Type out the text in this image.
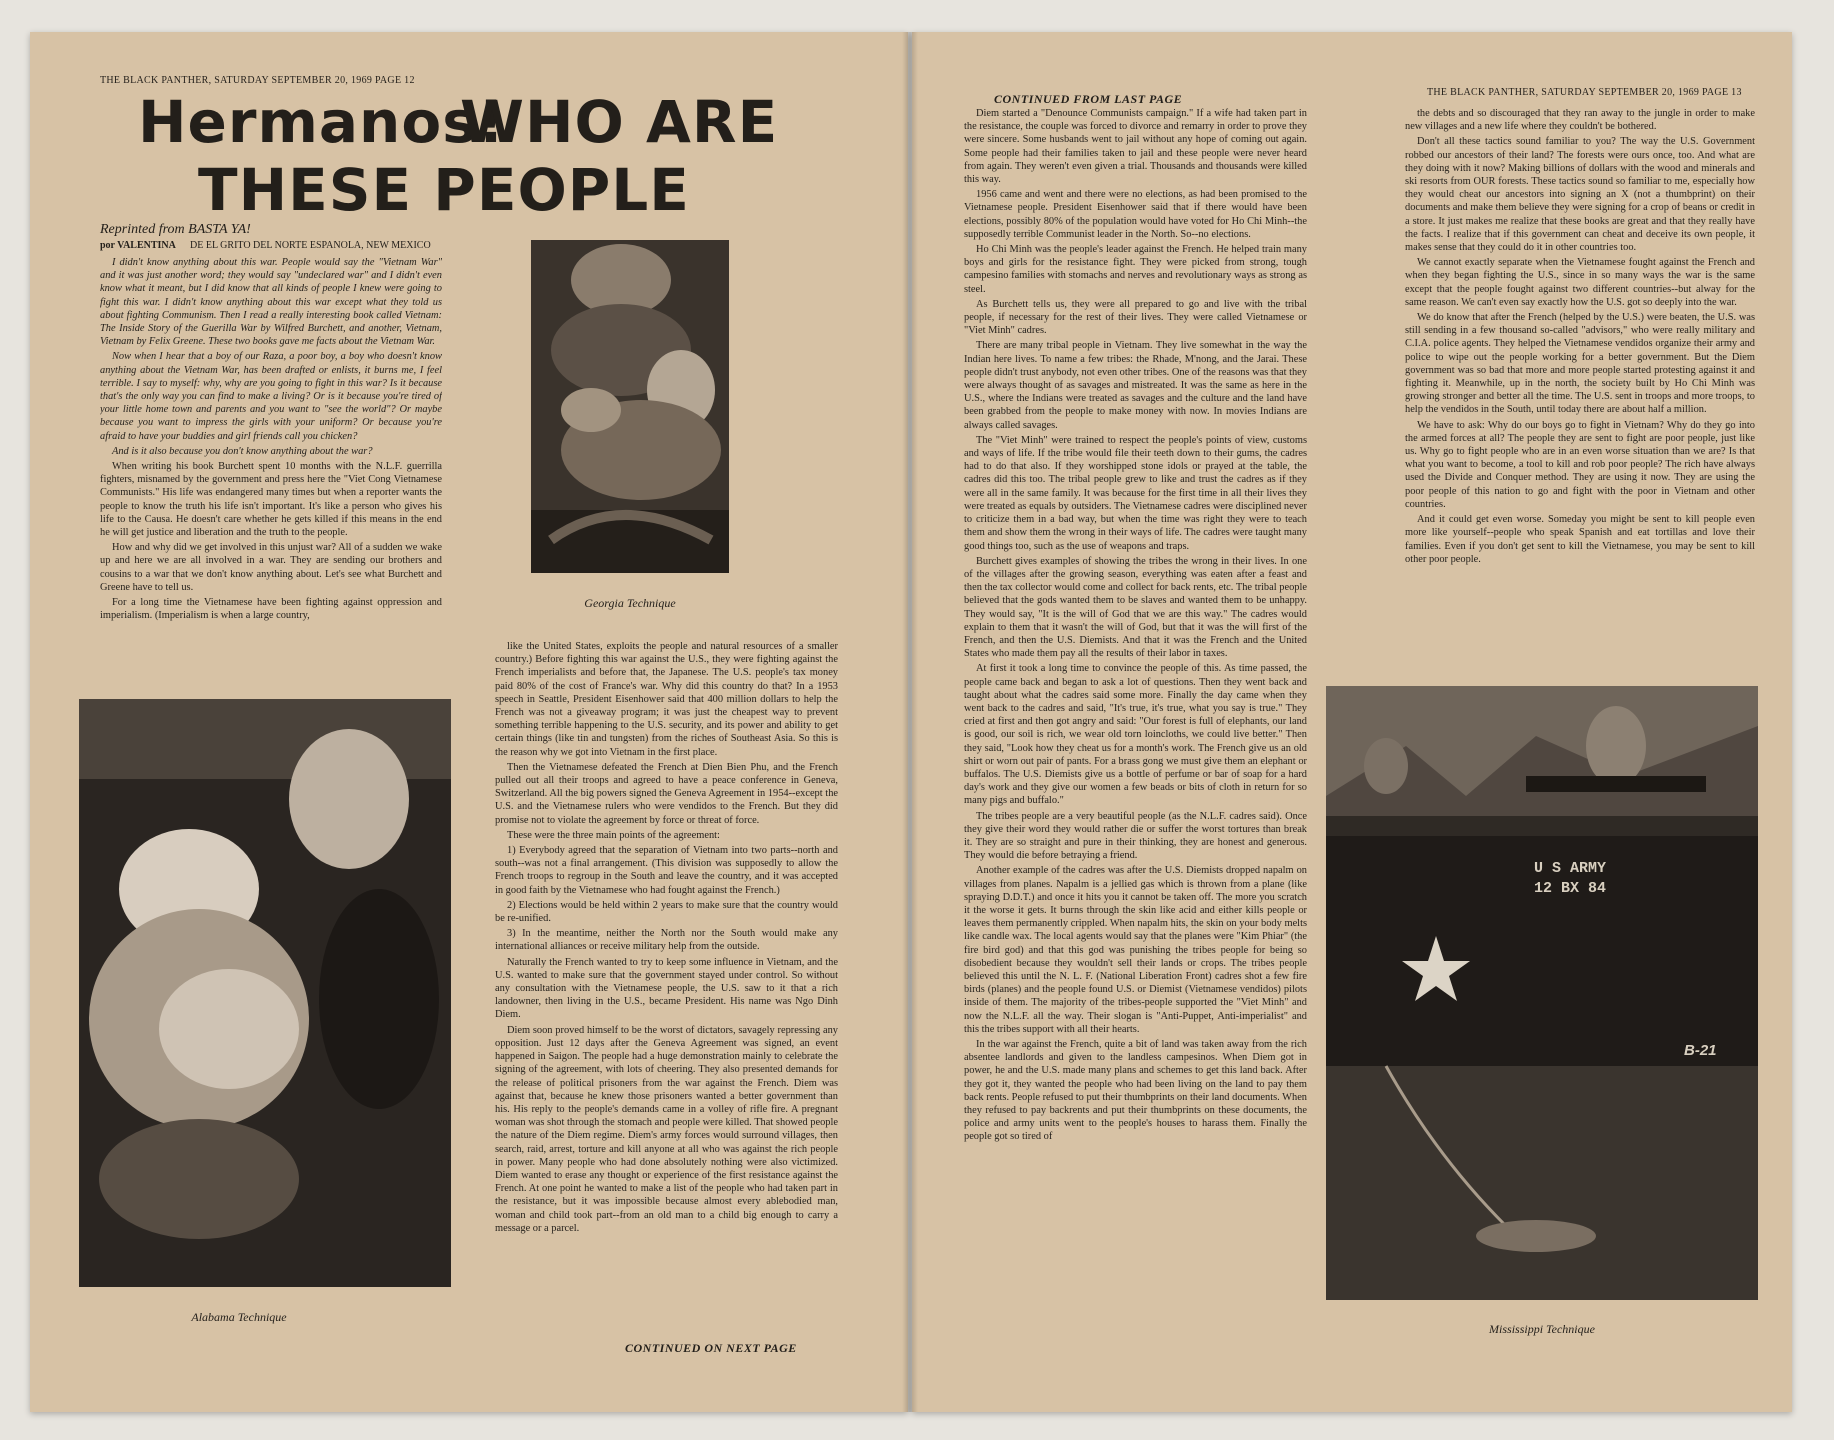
THE BLACK PANTHER, SATURDAY SEPTEMBER 20, 1969 PAGE 12
Hermanos!
WHO ARE
THESE PEOPLE
Reprinted from BASTA YA!
por VALENTINA DE EL GRITO DEL NORTE ESPANOLA, NEW MEXICO

I didn't know anything about this war. People would say the "Vietnam War" and it was just another word; they would say "undeclared war" and I didn't even know what it meant, but I did know that all kinds of people I knew were going to fight this war. I didn't know anything about this war except what they told us about fighting Communism. Then I read a really interesting book called Vietnam: The Inside Story of the Guerilla War by Wilfred Burchett, and another, Vietnam, Vietnam by Felix Greene. These two books gave me facts about the Vietnam War.

Now when I hear that a boy of our Raza, a poor boy, a boy who doesn't know anything about the Vietnam War, has been drafted or enlists, it burns me, I feel terrible. I say to myself: why, why are you going to fight in this war? Is it because that's the only way you can find to make a living? Or is it because you're tired of your little home town and parents and you want to "see the world"? Or maybe because you want to impress the girls with your uniform? Or because you're afraid to have your buddies and girl friends call you chicken?

And is it also because you don't know anything about the war?

When writing his book Burchett spent 10 months with the N.L.F. guerrilla fighters, misnamed by the government and press here the "Viet Cong Vietnamese Communists." His life was endangered many times but when a reporter wants the people to know the truth his life isn't important. It's like a person who gives his life to the Causa. He doesn't care whether he gets killed if this means in the end he will get justice and liberation and the truth to the people.

How and why did we get involved in this unjust war? All of a sudden we wake up and here we are all involved in a war. They are sending our brothers and cousins to a war that we don't know anything about. Let's see what Burchett and Greene have to tell us.

For a long time the Vietnamese have been fighting against oppression and imperialism. (Imperialism is when a large country,

Georgia Technique
Alabama Technique

like the United States, exploits the people and natural resources of a smaller country.) Before fighting this war against the U.S., they were fighting against the French imperialists and before that, the Japanese. The U.S. people's tax money paid 80% of the cost of France's war. Why did this country do that? In a 1953 speech in Seattle, President Eisenhower said that 400 million dollars to help the French was not a giveaway program; it was just the cheapest way to prevent something terrible happening to the U.S. security, and its power and ability to get certain things (like tin and tungsten) from the riches of Southeast Asia. So this is the reason why we got into Vietnam in the first place.

Then the Vietnamese defeated the French at Dien Bien Phu, and the French pulled out all their troops and agreed to have a peace conference in Geneva, Switzerland. All the big powers signed the Geneva Agreement in 1954--except the U.S. and the Vietnamese rulers who were vendidos to the French. But they did promise not to violate the agreement by force or threat of force.

These were the three main points of the agreement:

1) Everybody agreed that the separation of Vietnam into two parts--north and south--was not a final arrangement. (This division was supposedly to allow the French troops to regroup in the South and leave the country, and it was accepted in good faith by the Vietnamese who had fought against the French.)

2) Elections would be held within 2 years to make sure that the country would be re-unified.

3) In the meantime, neither the North nor the South would make any international alliances or receive military help from the outside.

Naturally the French wanted to try to keep some influence in Vietnam, and the U.S. wanted to make sure that the government stayed under control. So without any consultation with the Vietnamese people, the U.S. saw to it that a rich landowner, then living in the U.S., became President. His name was Ngo Dinh Diem.

Diem soon proved himself to be the worst of dictators, savagely repressing any opposition. Just 12 days after the Geneva Agreement was signed, an event happened in Saigon. The people had a huge demonstration mainly to celebrate the signing of the agreement, with lots of cheering. They also presented demands for the release of political prisoners from the war against the French. Diem was against that, because he knew those prisoners wanted a better government than his. His reply to the people's demands came in a volley of rifle fire. A pregnant woman was shot through the stomach and people were killed. That showed people the nature of the Diem regime. Diem's army forces would surround villages, then search, raid, arrest, torture and kill anyone at all who was against the rich people in power. Many people who had done absolutely nothing were also victimized. Diem wanted to erase any thought or experience of the first resistance against the French. At one point he wanted to make a list of the people who had taken part in the resistance, but it was impossible because almost every ablebodied man, woman and child took part--from an old man to a child big enough to carry a message or a parcel.

CONTINUED ON NEXT PAGE
CONTINUED FROM LAST PAGE	THE BLACK PANTHER, SATURDAY SEPTEMBER 20, 1969 PAGE 13

Diem started a "Denounce Communists campaign." If a wife had taken part in the resistance, the couple was forced to divorce and remarry in order to prove they were sincere. Some husbands went to jail without any hope of coming out again. Some people had their families taken to jail and these people were never heard from again. They weren't even given a trial. Thousands and thousands were killed this way.

1956 came and went and there were no elections, as had been promised to the Vietnamese people. President Eisenhower said that if there would have been elections, possibly 80% of the population would have voted for Ho Chi Minh--the supposedly terrible Communist leader in the North. So--no elections.

Ho Chi Minh was the people's leader against the French. He helped train many boys and girls for the resistance fight. They were picked from strong, tough campesino families with stomachs and nerves and revolutionary ways as strong as steel.

As Burchett tells us, they were all prepared to go and live with the tribal people, if necessary for the rest of their lives. They were called Vietnamese or "Viet Minh" cadres.

There are many tribal people in Vietnam. They live somewhat in the way the Indian here lives. To name a few tribes: the Rhade, M'nong, and the Jarai. These people didn't trust anybody, not even other tribes. One of the reasons was that they were always thought of as savages and mistreated. It was the same as here in the U.S., where the Indians were treated as savages and the culture and the land have been grabbed from the people to make money with now. In movies Indians are always called savages.

The "Viet Minh" were trained to respect the people's points of view, customs and ways of life. If the tribe would file their teeth down to their gums, the cadres had to do that also. If they worshipped stone idols or prayed at the table, the cadres did this too. The tribal people grew to like and trust the cadres as if they were all in the same family. It was because for the first time in all their lives they were treated as equals by outsiders. The Vietnamese cadres were disciplined never to criticize them in a bad way, but when the time was right they were to teach them and show them the wrong in their ways of life. The cadres were taught many good things too, such as the use of weapons and traps.

Burchett gives examples of showing the tribes the wrong in their lives. In one of the villages after the growing season, everything was eaten after a feast and then the tax collector would come and collect for back rents, etc. The tribal people believed that the gods wanted them to be slaves and wanted them to be unhappy. They would say, "It is the will of God that we are this way." The cadres would explain to them that it wasn't the will of God, but that it was the will first of the French, and then the U.S. Diemists. And that it was the French and the United States who made them pay all the results of their labor in taxes.

At first it took a long time to convince the people of this. As time passed, the people came back and began to ask a lot of questions. Then they went back and taught about what the cadres said some more. Finally the day came when they went back to the cadres and said, "It's true, it's true, what you say is true." They cried at first and then got angry and said: "Our forest is full of elephants, our land is good, our soil is rich, we wear old torn loincloths, we could live better." Then they said, "Look how they cheat us for a month's work. The French give us an old shirt or worn out pair of pants. For a brass gong we must give them an elephant or buffalos. The U.S. Diemists give us a bottle of perfume or bar of soap for a hard day's work and they give our women a few beads or bits of cloth in return for so many pigs and buffalo."

The tribes people are a very beautiful people (as the N.L.F. cadres said). Once they give their word they would rather die or suffer the worst tortures than break it. They are so straight and pure in their thinking, they are honest and generous. They would die before betraying a friend.

Another example of the cadres was after the U.S. Diemists dropped napalm on villages from planes. Napalm is a jellied gas which is thrown from a plane (like spraying D.D.T.) and once it hits you it cannot be taken off. The more you scratch it the worse it gets. It burns through the skin like acid and either kills people or leaves them permanently crippled. When napalm hits, the skin on your body melts like candle wax. The local agents would say that the planes were "Kim Phiar" (the fire bird god) and that this god was punishing the tribes people for being so disobedient because they wouldn't sell their lands or crops. The tribes people believed this until the N. L. F. (National Liberation Front) cadres shot a few fire birds (planes) and the people found U.S. or Diemist (Vietnamese vendidos) pilots inside of them. The majority of the tribes-people supported the "Viet Minh" and now the N.L.F. all the way. Their slogan is "Anti-Puppet, Anti-imperialist" and this the tribes support with all their hearts.

In the war against the French, quite a bit of land was taken away from the rich absentee landlords and given to the landless campesinos. When Diem got in power, he and the U.S. made many plans and schemes to get this land back. After they got it, they wanted the people who had been living on the land to pay them back rents. People refused to put their thumbprints on their land documents. When they refused to pay backrents and put their thumbprints on these documents, the police and army units went to the people's houses to harass them. Finally the people got so tired of

the debts and so discouraged that they ran away to the jungle in order to make new villages and a new life where they couldn't be bothered.

Don't all these tactics sound familiar to you? The way the U.S. Government robbed our ancestors of their land? The forests were ours once, too. And what are they doing with it now? Making billions of dollars with the wood and minerals and ski resorts from OUR forests. These tactics sound so familiar to me, especially how they would cheat our ancestors into signing an X (not a thumbprint) on their documents and make them believe they were signing for a crop of beans or credit in a store. It just makes me realize that these books are great and that they really have the facts. I realize that if this government can cheat and deceive its own people, it makes sense that they could do it in other countries too.

We cannot exactly separate when the Vietnamese fought against the French and when they began fighting the U.S., since in so many ways the war is the same except that the people fought against two different countries--but alway for the same reason. We can't even say exactly how the U.S. got so deeply into the war.

We do know that after the French (helped by the U.S.) were beaten, the U.S. was still sending in a few thousand so-called "advisors," who were really military and C.I.A. police agents. They helped the Vietnamese vendidos organize their army and police to wipe out the people working for a better government. But the Diem government was so bad that more and more people started protesting against it and fighting it. Meanwhile, up in the north, the society built by Ho Chi Minh was growing stronger and better all the time. The U.S. sent in troops and more troops, to help the vendidos in the South, until today there are about half a million.

We have to ask: Why do our boys go to fight in Vietnam? Why do they go into the armed forces at all? The people they are sent to fight are poor people, just like us. Why go to fight people who are in an even worse situation than we are? Is that what you want to become, a tool to kill and rob poor people? The rich have always used the Divide and Conquer method. They are using it now. They are using the poor people of this nation to go and fight with the poor in Vietnam and other countries.

And it could get even worse. Someday you might be sent to kill people even more like yourself--people who speak Spanish and eat tortillas and love their families. Even if you don't get sent to kill the Vietnamese, you may be sent to kill other poor people.

U S ARMY
12 BX 84
B-21
Mississippi Technique
